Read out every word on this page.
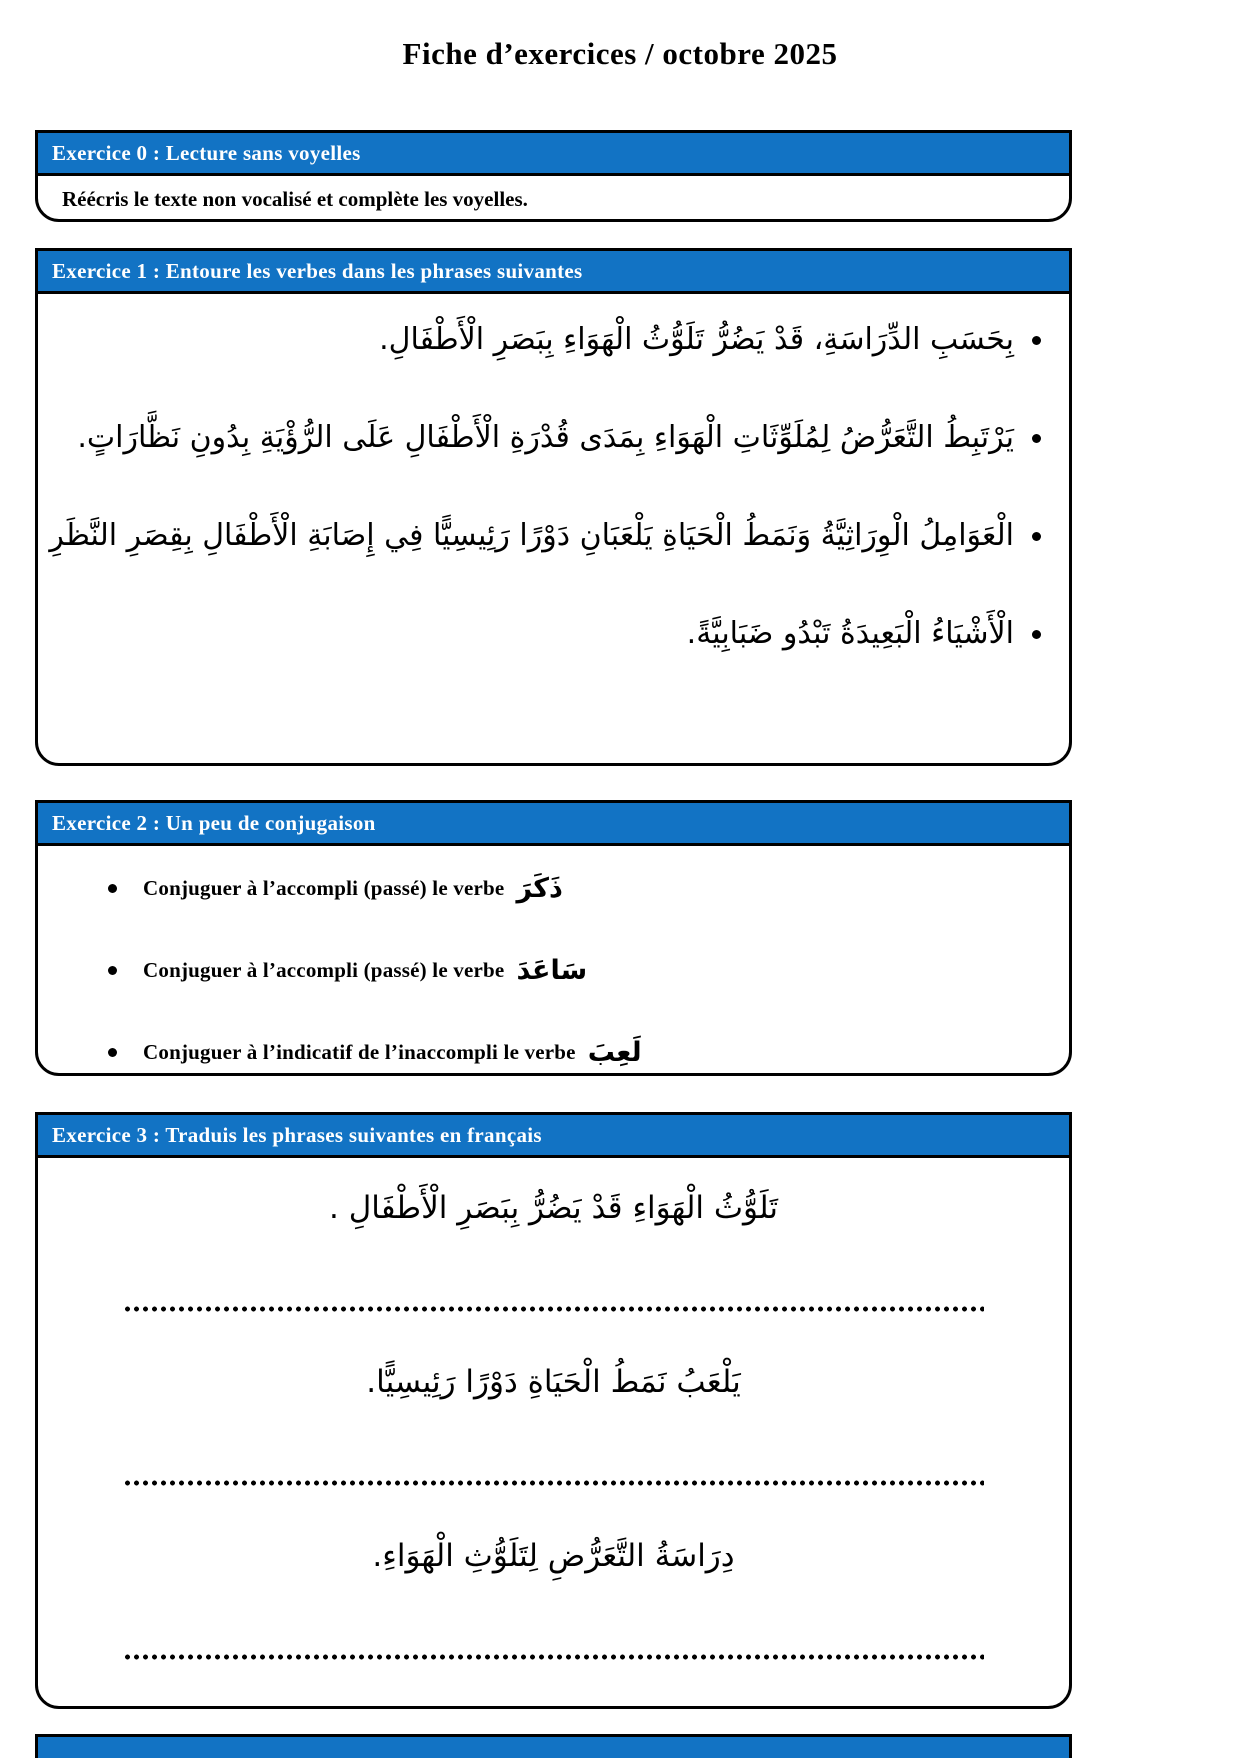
Fiche d’exercices / octobre 2025
Exercice 0 : Lecture sans voyelles
Réécris le texte non vocalisé et complète les voyelles.
Exercice 1 : Entoure les verbes dans les phrases suivantes
بِحَسَبِ الدِّرَاسَةِ، قَدْ يَضُرُّ تَلَوُّثُ الْهَوَاءِ بِبَصَرِ الْأَطْفَالِ.
يَرْتَبِطُ التَّعَرُّضُ لِمُلَوِّثَاتِ الْهَوَاءِ بِمَدَى قُدْرَةِ الْأَطْفَالِ عَلَى الرُّؤْيَةِ بِدُونِ نَظَّارَاتٍ.
الْعَوَامِلُ الْوِرَاثِيَّةُ وَنَمَطُ الْحَيَاةِ يَلْعَبَانِ دَوْرًا رَئِيسِيًّا فِي إِصَابَةِ الْأَطْفَالِ بِقِصَرِ النَّظَرِ
الْأَشْيَاءُ الْبَعِيدَةُ تَبْدُو ضَبَابِيَّةً.
Exercice 2 : Un peu de conjugaison
Conjuguer à l’accompli (passé) le verbe ذَكَرَ
Conjuguer à l’accompli (passé) le verbe سَاعَدَ
Conjuguer à l’indicatif de l’inaccompli le verbe لَعِبَ
Exercice 3 : Traduis les phrases suivantes en français
تَلَوُّثُ الْهَوَاءِ قَدْ يَضُرُّ بِبَصَرِ الْأَطْفَالِ .
يَلْعَبُ نَمَطُ الْحَيَاةِ دَوْرًا رَئِيسِيًّا.
دِرَاسَةُ التَّعَرُّضِ لِتَلَوُّثِ الْهَوَاءِ.
